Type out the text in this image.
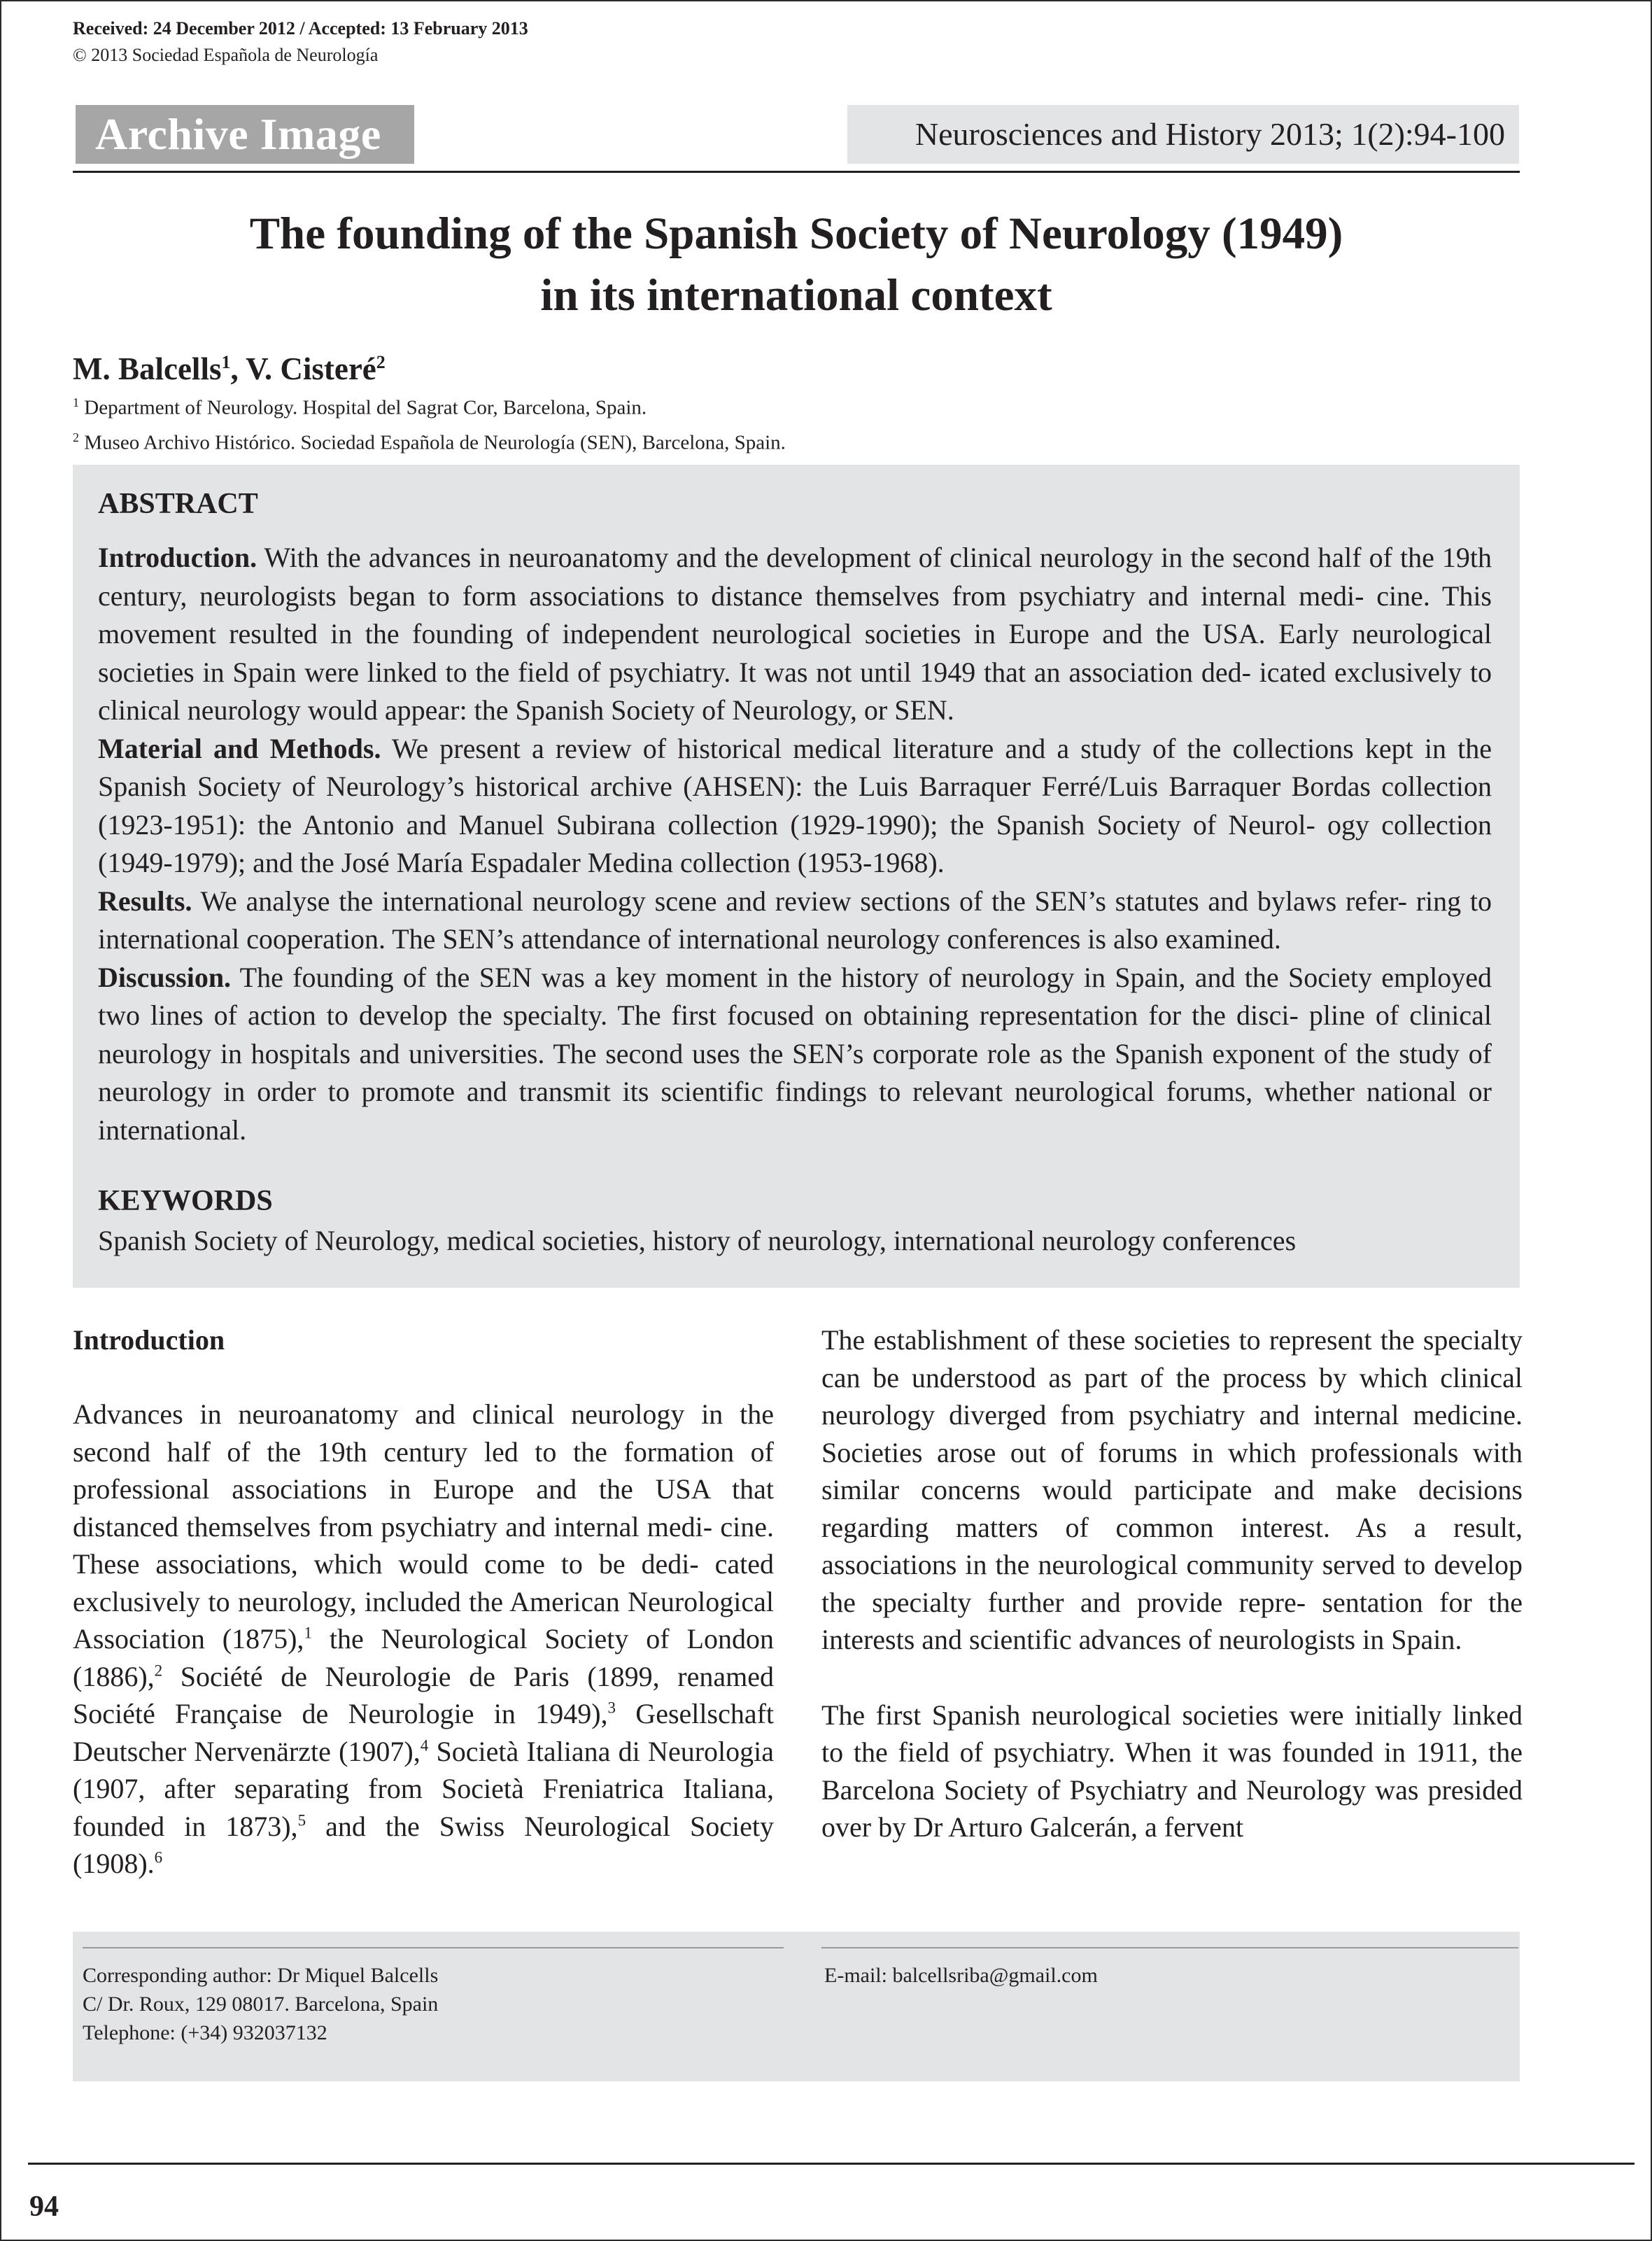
Received: 24 December 2012 / Accepted: 13 February 2013
© 2013 Sociedad Española de Neurología
Archive Image	Neurosciences and History 2013; 1(2):94-100
The founding of the Spanish Society of Neurology (1949)
in its international context
M. Balcells$^1$, V. Cisteré$^2$
$^1$ Department of Neurology. Hospital del Sagrat Cor, Barcelona, Spain.
$^2$ Museo Archivo Histórico. Sociedad Española de Neurología (SEN), Barcelona, Spain.
ABSTRACT

Introduction. With the advances in neuroanatomy and the development of clinical neurology in the second half of the 19th century, neurologists began to form associations to distance themselves from psychiatry and internal medi- cine. This movement resulted in the founding of independent neurological societies in Europe and the USA. Early neurological societies in Spain were linked to the field of psychiatry. It was not until 1949 that an association ded- icated exclusively to clinical neurology would appear: the Spanish Society of Neurology, or SEN.

Material and Methods. We present a review of historical medical literature and a study of the collections kept in the Spanish Society of Neurology’s historical archive (AHSEN): the Luis Barraquer Ferré/Luis Barraquer Bordas collection (1923-1951): the Antonio and Manuel Subirana collection (1929-1990); the Spanish Society of Neurol- ogy collection (1949-1979); and the José María Espadaler Medina collection (1953-1968).

Results. We analyse the international neurology scene and review sections of the SEN’s statutes and bylaws refer- ring to international cooperation. The SEN’s attendance of international neurology conferences is also examined.

Discussion. The founding of the SEN was a key moment in the history of neurology in Spain, and the Society employed two lines of action to develop the specialty. The first focused on obtaining representation for the disci- pline of clinical neurology in hospitals and universities. The second uses the SEN’s corporate role as the Spanish exponent of the study of neurology in order to promote and transmit its scientific findings to relevant neurological forums, whether national or international.

KEYWORDS

Spanish Society of Neurology, medical societies, history of neurology, international neurology conferences

Introduction

Advances in neuroanatomy and clinical neurology in the second half of the 19th century led to the formation of professional associations in Europe and the USA that distanced themselves from psychiatry and internal medi- cine. These associations, which would come to be dedi- cated exclusively to neurology, included the American Neurological Association (1875),$^1$ the Neurological Society of London (1886),$^2$ Société de Neurologie de Paris (1899, renamed Société Française de Neurologie in 1949),$^3$ Gesellschaft Deutscher Nervenärzte (1907),$^4$ Società Italiana di Neurologia (1907, after separating from Società Freniatrica Italiana, founded in 1873),$^5$ and the Swiss Neurological Society (1908).$^6$

The establishment of these societies to represent the specialty can be understood as part of the process by which clinical neurology diverged from psychiatry and internal medicine. Societies arose out of forums in which professionals with similar concerns would participate and make decisions regarding matters of common interest. As a result, associations in the neurological community served to develop the specialty further and provide repre- sentation for the interests and scientific advances of neurologists in Spain.

The first Spanish neurological societies were initially linked to the field of psychiatry. When it was founded in 1911, the Barcelona Society of Psychiatry and Neurology was presided over by Dr Arturo Galcerán, a fervent

Corresponding author: Dr Miquel Balcells
C/ Dr. Roux, 129 08017. Barcelona, Spain
Telephone: (+34) 932037132
E-mail: balcellsriba@gmail.com
94
